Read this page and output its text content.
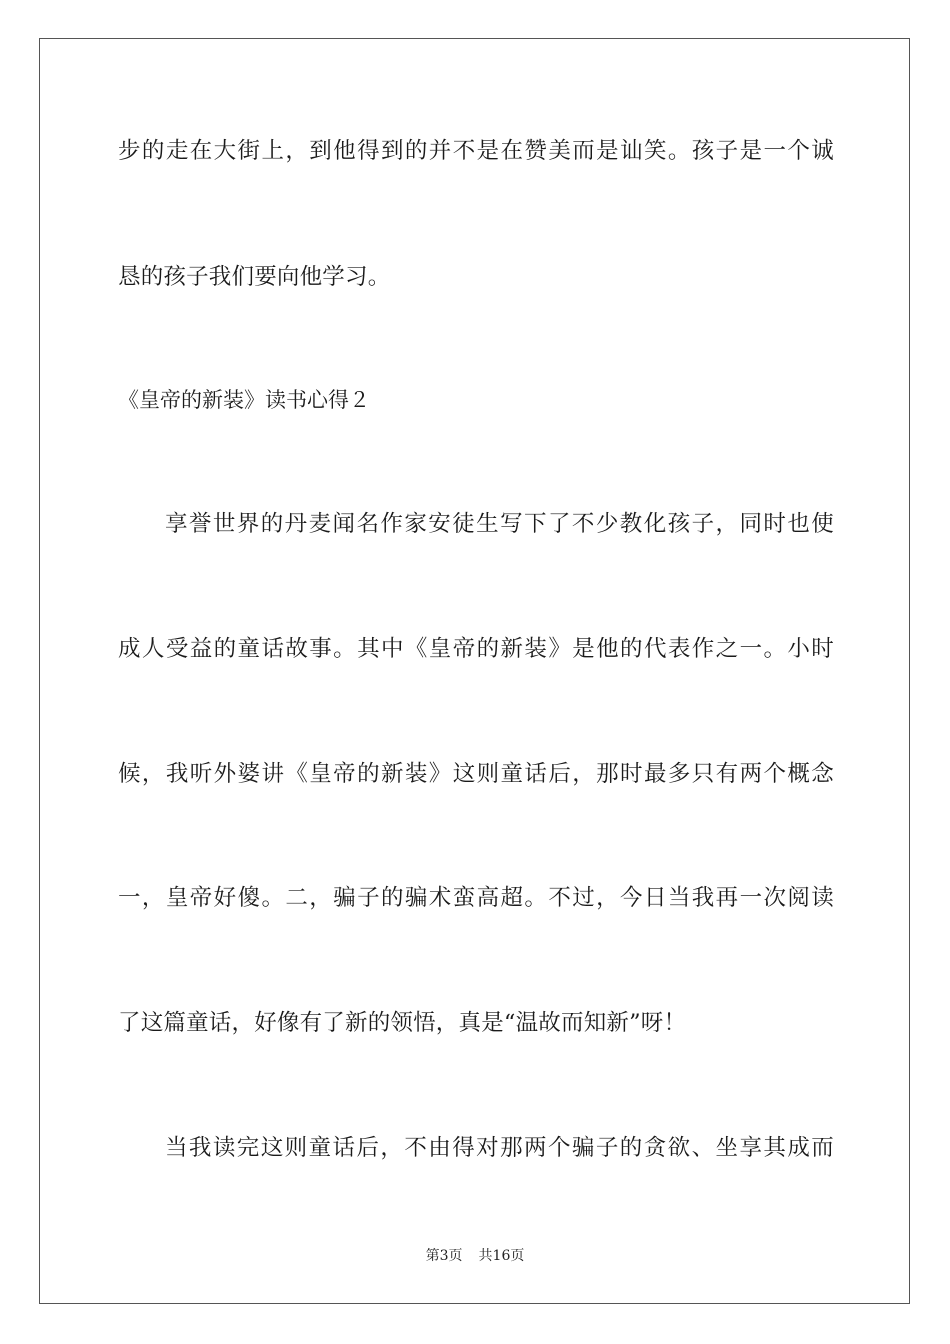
步的走在大街上，到他得到的并不是在赞美而是讪笑。孩子是一个诚
恳的孩子我们要向他学习。
《皇帝的新装》读书心得２
享誉世界的丹麦闻名作家安徒生写下了不少教化孩子，同时也使
成人受益的童话故事。其中《皇帝的新装》是他的代表作之一。小时
候，我听外婆讲《皇帝的新装》这则童话后，那时最多只有两个概念
一，皇帝好傻。二，骗子的骗术蛮高超。不过，今日当我再一次阅读
了这篇童话，好像有了新的领悟，真是“温故而知新”呀！
当我读完这则童话后，不由得对那两个骗子的贪欲、坐享其成而
第3页 共16页
